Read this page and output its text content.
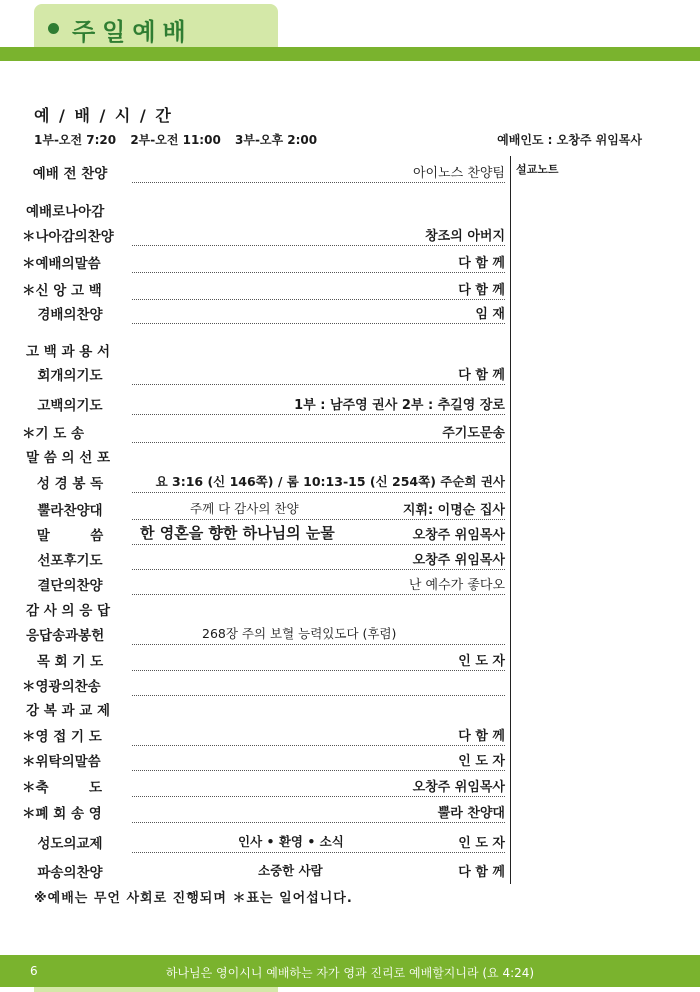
주일예배
예 / 배 / 시 / 간
1부-오전 7:20 2부-오전 11:00 3부-오후 2:00	예배인도 : 오창주 위임목사
설교노트
예배 전 찬양	아이노스 찬양팀
예배로나아감
＊나아감의찬양	창조의 아버지
＊예배의말씀	다 함 께
＊신 앙 고 백	다 함 께
경배의찬양	임 재
고 백 과 용 서
회개의기도	다 함 께
고백의기도	1부 : 남주영 권사 2부 : 추길영 장로
＊기 도 송	주기도문송
말 씀 의 선 포
성 경 봉 독	요 3:16 (신 146쪽) / 롬 10:13-15 (신 254쪽) 주순희 권사
뿔라찬양대	주께 다 감사의 찬양	지휘: 이명순 집사
말　　　씀	한 영혼을 향한 하나님의 눈물	오창주 위임목사
선포후기도	오창주 위임목사
결단의찬양	난 예수가 좋다오
감 사 의 응 답
응답송과봉헌	268장 주의 보혈 능력있도다 (후렴)
목 회 기 도	인 도 자
＊영광의찬송
강 복 과 교 제
＊영 접 기 도	다 함 께
＊위탁의말씀	인 도 자
＊축　　　도	오창주 위임목사
＊폐 회 송 영	뿔라 찬양대
성도의교제	인사 • 환영 • 소식	인 도 자
파송의찬양	소중한 사람	다 함 께
※예배는 무언 사회로 진행되며 ＊표는 일어섭니다.
6	하나님은 영이시니 예배하는 자가 영과 진리로 예배할지니라 (요 4:24)
